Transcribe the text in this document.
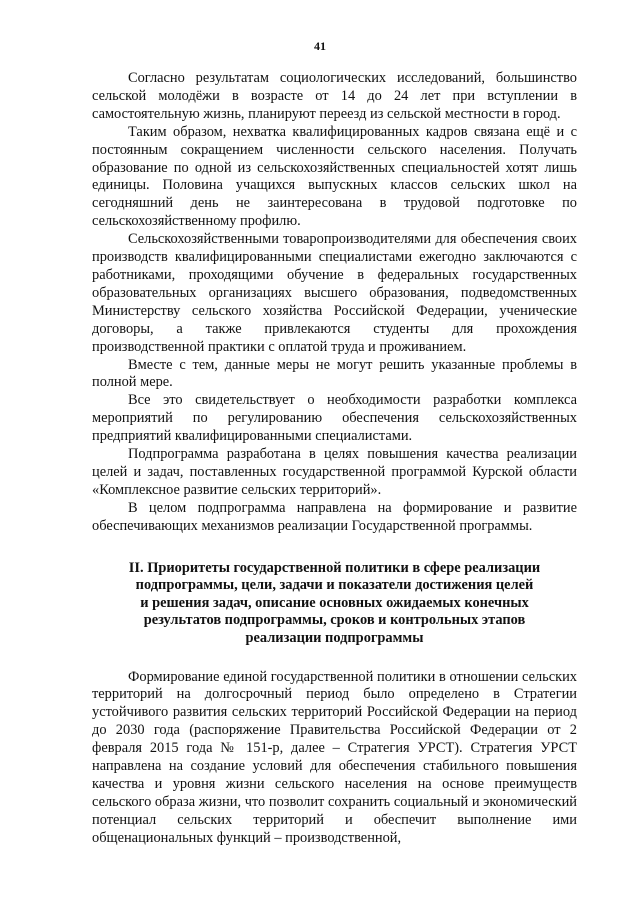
41

Согласно результатам социологических исследований, большинство сельской молодёжи в возрасте от 14 до 24 лет при вступлении в самостоятельную жизнь, планируют переезд из сельской местности в город.

Таким образом, нехватка квалифицированных кадров связана ещё и с постоянным сокращением численности сельского населения. Получать образование по одной из сельскохозяйственных специальностей хотят лишь единицы. Половина учащихся выпускных классов сельских школ на сегодняшний день не заинтересована в трудовой подготовке по сельскохозяйственному профилю.

Сельскохозяйственными товаропроизводителями для обеспечения своих производств квалифицированными специалистами ежегодно заключаются с работниками, проходящими обучение в федеральных государственных образовательных организациях высшего образования, подведомственных Министерству сельского хозяйства Российской Федерации, ученические договоры, а также привлекаются студенты для прохождения производственной практики с оплатой труда и проживанием.

Вместе с тем, данные меры не могут решить указанные проблемы в полной мере.

Все это свидетельствует о необходимости разработки комплекса мероприятий по регулированию обеспечения сельскохозяйственных предприятий квалифицированными специалистами.

Подпрограмма разработана в целях повышения качества реализации целей и задач, поставленных государственной программой Курской области «Комплексное развитие сельских территорий».

В целом подпрограмма направлена на формирование и развитие обеспечивающих механизмов реализации Государственной программы.

II. Приоритеты государственной политики в сфере реализации
подпрограммы, цели, задачи и показатели достижения целей
и решения задач, описание основных ожидаемых конечных
результатов подпрограммы, сроков и контрольных этапов
реализации подпрограммы

Формирование единой государственной политики в отношении сельских территорий на долгосрочный период было определено в Стратегии устойчивого развития сельских территорий Российской Федерации на период до 2030 года (распоряжение Правительства Российской Федерации от 2 февраля 2015 года № 151-р, далее – Стратегия УРСТ). Стратегия УРСТ направлена на создание условий для обеспечения стабильного повышения качества и уровня жизни сельского населения на основе преимуществ сельского образа жизни, что позволит сохранить социальный и экономический потенциал сельских территорий и обеспечит выполнение ими общенациональных функций – производственной,
